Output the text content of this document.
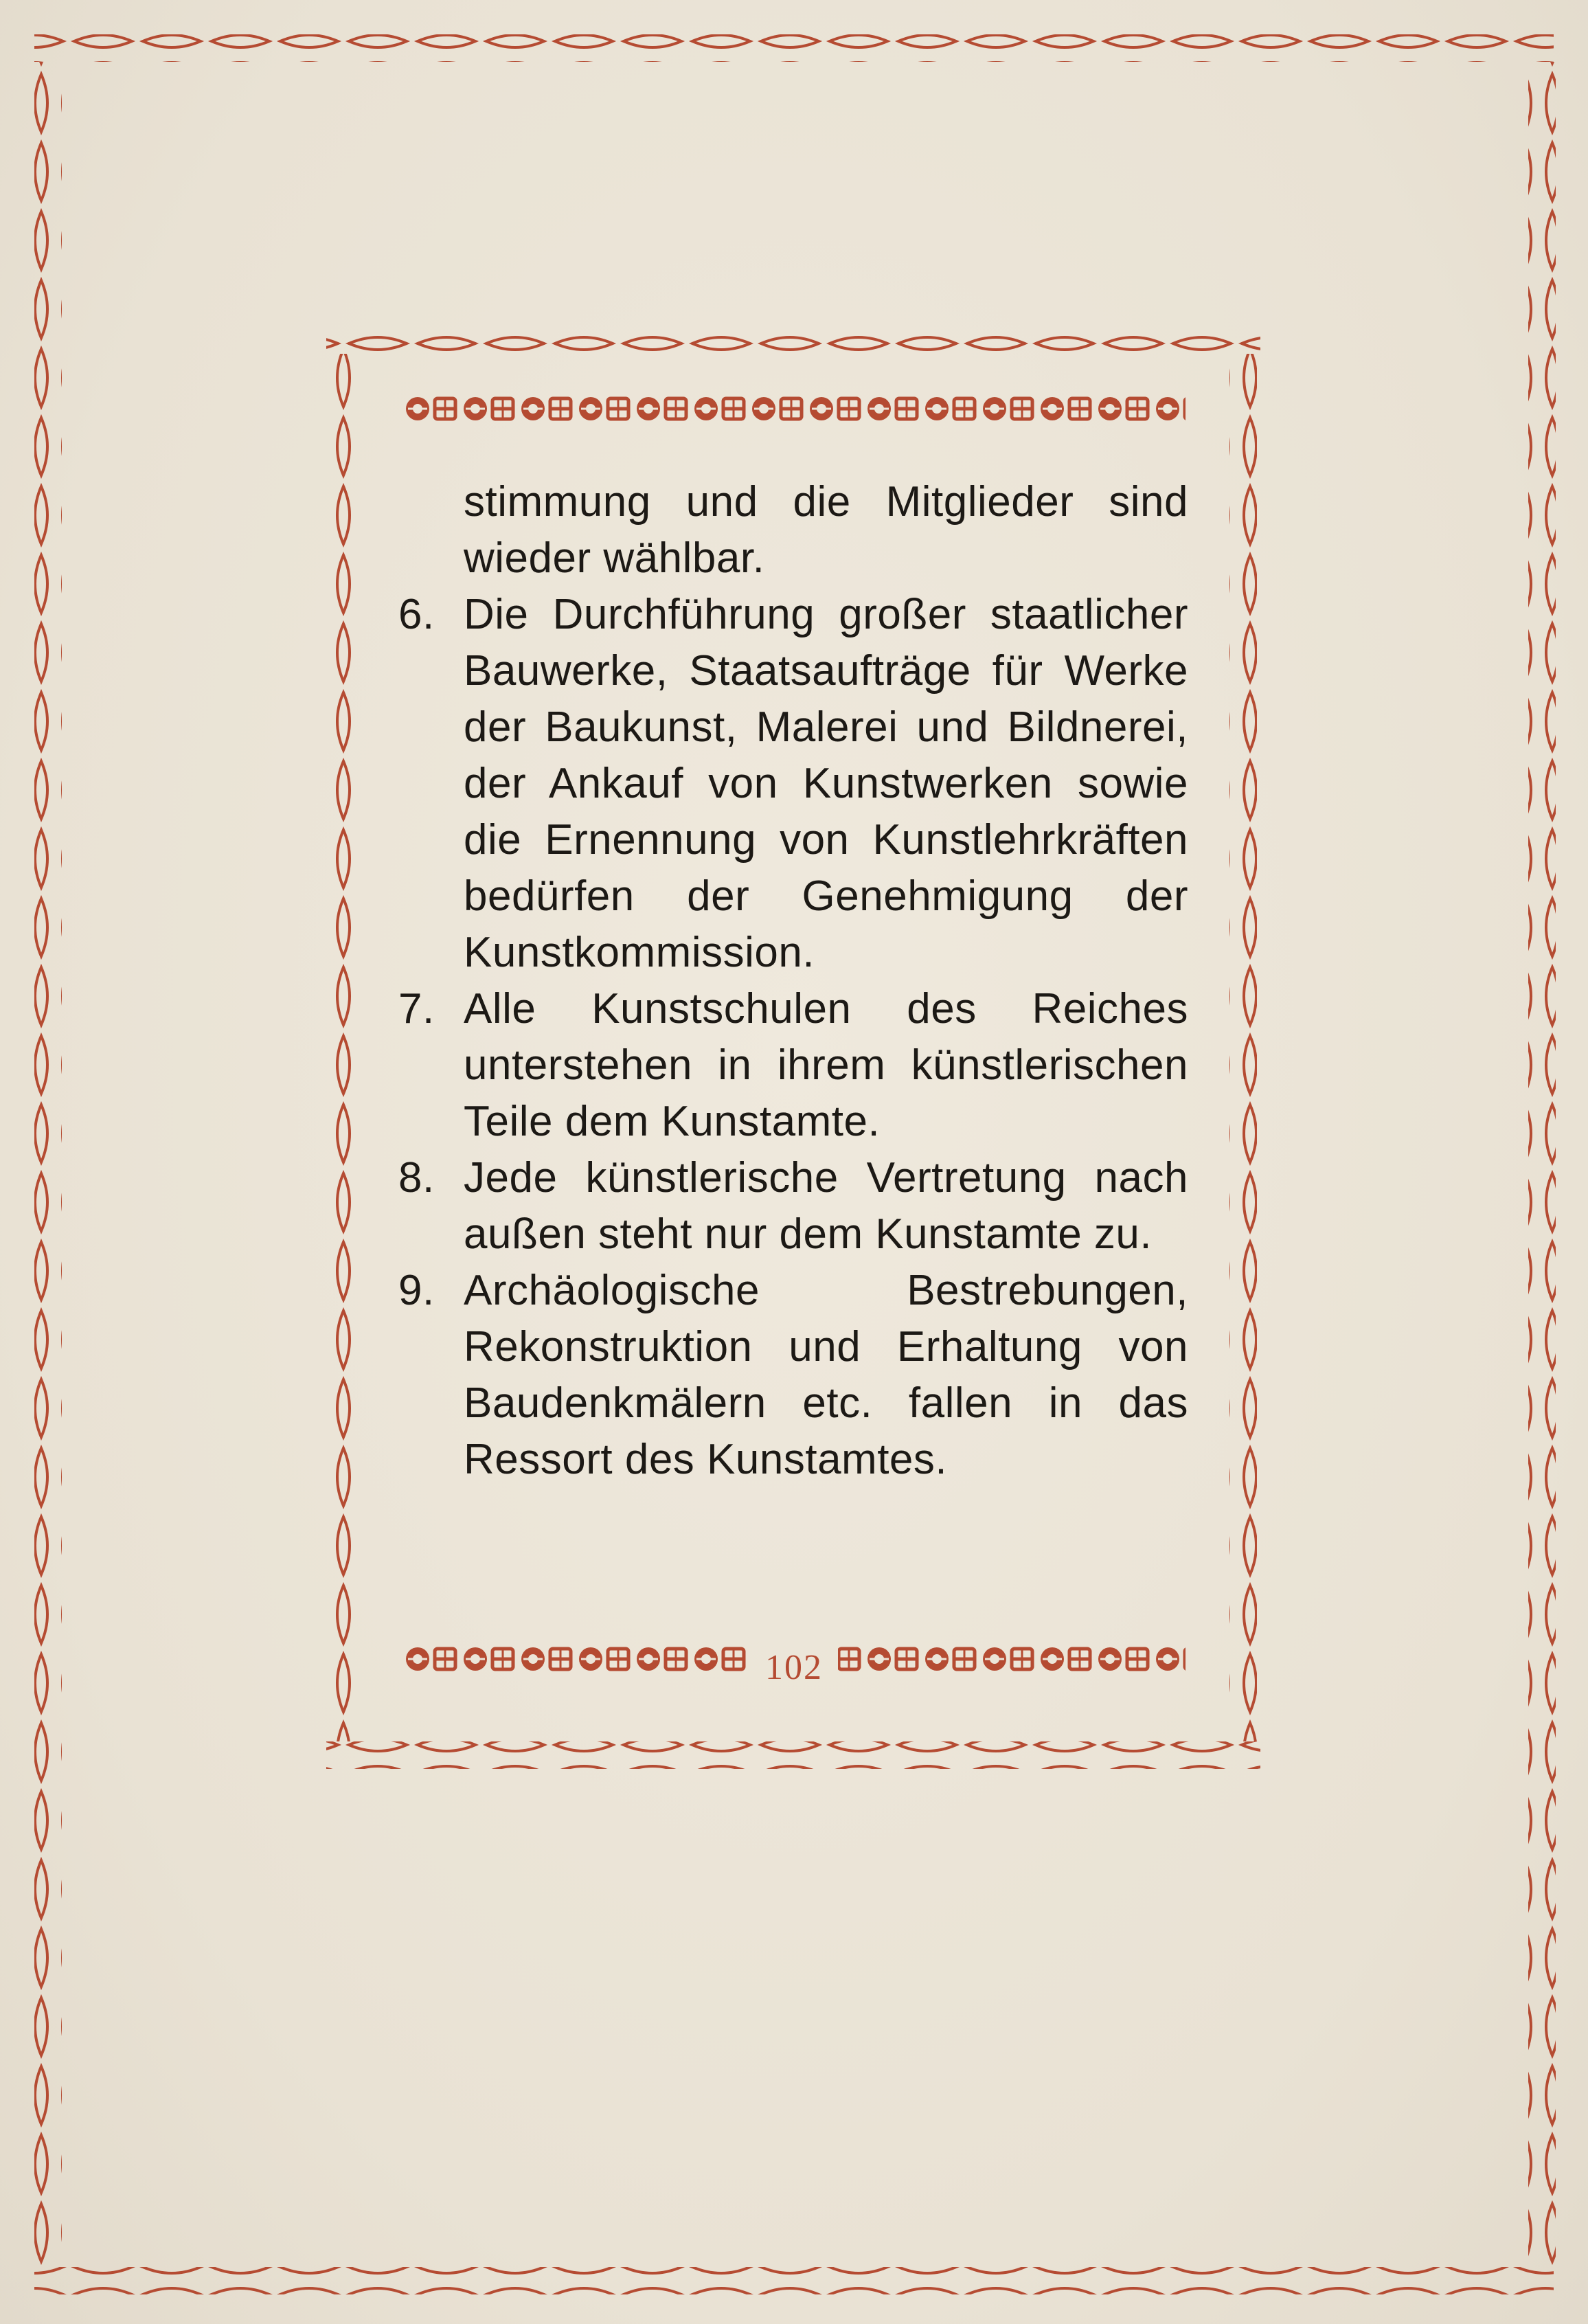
stimmung und die Mitglieder sind wieder wählbar.

6. Die Durchführung großer staatlicher Bauwerke, Staatsaufträge für Werke der Baukunst, Malerei und Bildnerei, der Ankauf von Kunstwerken sowie die Ernennung von Kunstlehrkräften bedürfen der Genehmigung der Kunstkommission.
7. Alle Kunstschulen des Reiches unterstehen in ihrem künstlerischen Teile dem Kunstamte.
8. Jede künstlerische Vertretung nach außen steht nur dem Kunstamte zu.
9. Archäologische Bestrebungen, Rekonstruktion und Erhaltung von Baudenkmälern etc. fallen in das Ressort des Kunstamtes.
102
